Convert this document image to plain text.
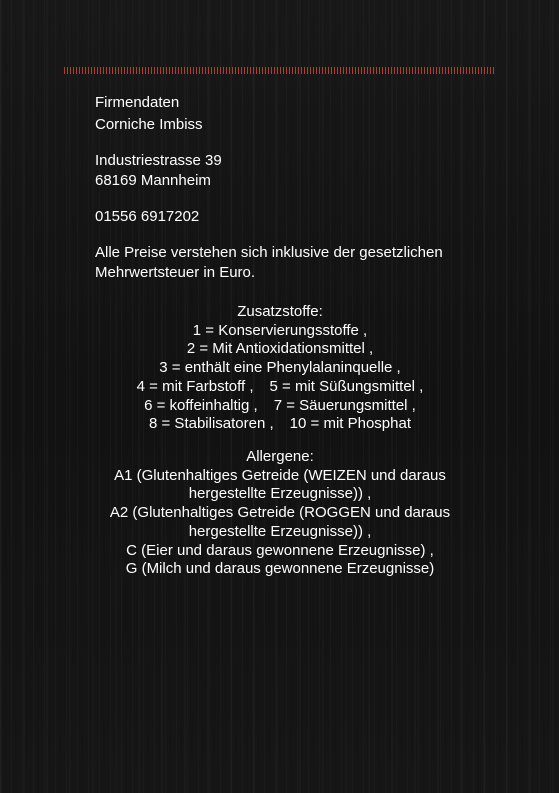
Firmendaten
Corniche Imbiss
Industriestrasse 39
68169 Mannheim
01556 6917202
Alle Preise verstehen sich inklusive der gesetzlichen
Mehrwertsteuer in Euro.
Zusatzstoffe:
1 = Konservierungsstoffe ,
2 = Mit Antioxidationsmittel ,
3 = enthält eine Phenylalaninquelle ,
4 = mit Farbstoff , 5 = mit Süßungsmittel ,
6 = koffeinhaltig , 7 = Säuerungsmittel ,
8 = Stabilisatoren , 10 = mit Phosphat
Allergene:
A1 (Glutenhaltiges Getreide (WEIZEN und daraus
hergestellte Erzeugnisse)) ,
A2 (Glutenhaltiges Getreide (ROGGEN und daraus
hergestellte Erzeugnisse)) ,
C (Eier und daraus gewonnene Erzeugnisse) ,
G (Milch und daraus gewonnene Erzeugnisse)
